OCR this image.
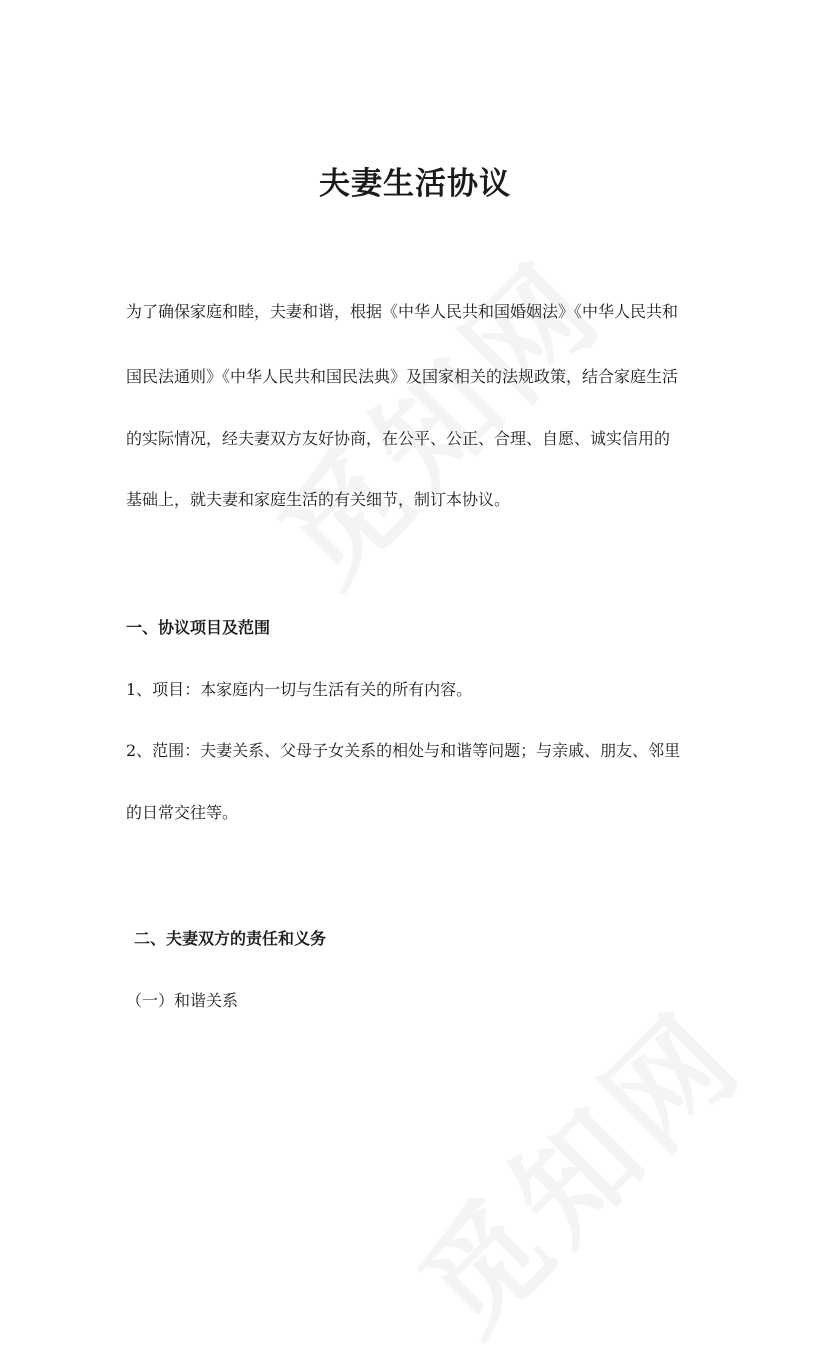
夫妻生活协议
为了确保家庭和睦，夫妻和谐，根据《中华人民共和国婚姻法》《中华人民共和
国民法通则》《中华人民共和国民法典》及国家相关的法规政策，结合家庭生活
的实际情况，经夫妻双方友好协商，在公平、公正、合理、自愿、诚实信用的
基础上，就夫妻和家庭生活的有关细节，制订本协议。
一、协议项目及范围
1、项目：本家庭内一切与生活有关的所有内容。
2、范围：夫妻关系、父母子女关系的相处与和谐等问题；与亲戚、朋友、邻里
的日常交往等。
二、夫妻双方的责任和义务
（一）和谐关系
